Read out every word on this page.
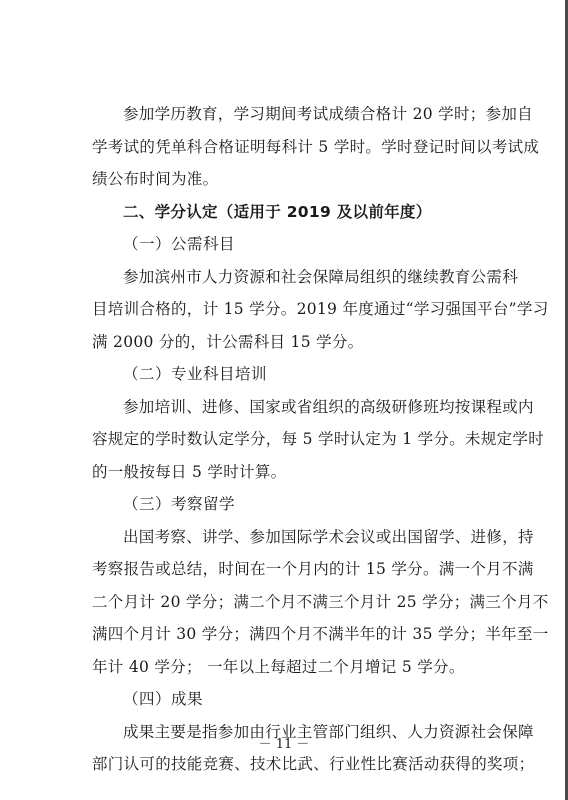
参加学历教育，学习期间考试成绩合格计 20 学时；参加自
学考试的凭单科合格证明每科计 5 学时。学时登记时间以考试成
绩公布时间为准。
二、学分认定（适用于 2019 及以前年度）
（一）公需科目
参加滨州市人力资源和社会保障局组织的继续教育公需科
目培训合格的，计 15 学分。2019 年度通过“学习强国平台”学习
满 2000 分的，计公需科目 15 学分。
（二）专业科目培训
参加培训、进修、国家或省组织的高级研修班均按课程或内
容规定的学时数认定学分，每 5 学时认定为 1 学分。未规定学时
的一般按每日 5 学时计算。
（三）考察留学
出国考察、讲学、参加国际学术会议或出国留学、进修，持
考察报告或总结，时间在一个月内的计 15 学分。满一个月不满
二个月计 20 学分；满二个月不满三个月计 25 学分；满三个月不
满四个月计 30 学分；满四个月不满半年的计 35 学分；半年至一
年计 40 学分； 一年以上每超过二个月增记 5 学分。
（四）成果
成果主要是指参加由行业主管部门组织、人力资源社会保障
部门认可的技能竞赛、技术比武、行业性比赛活动获得的奖项；
－ 11 －
